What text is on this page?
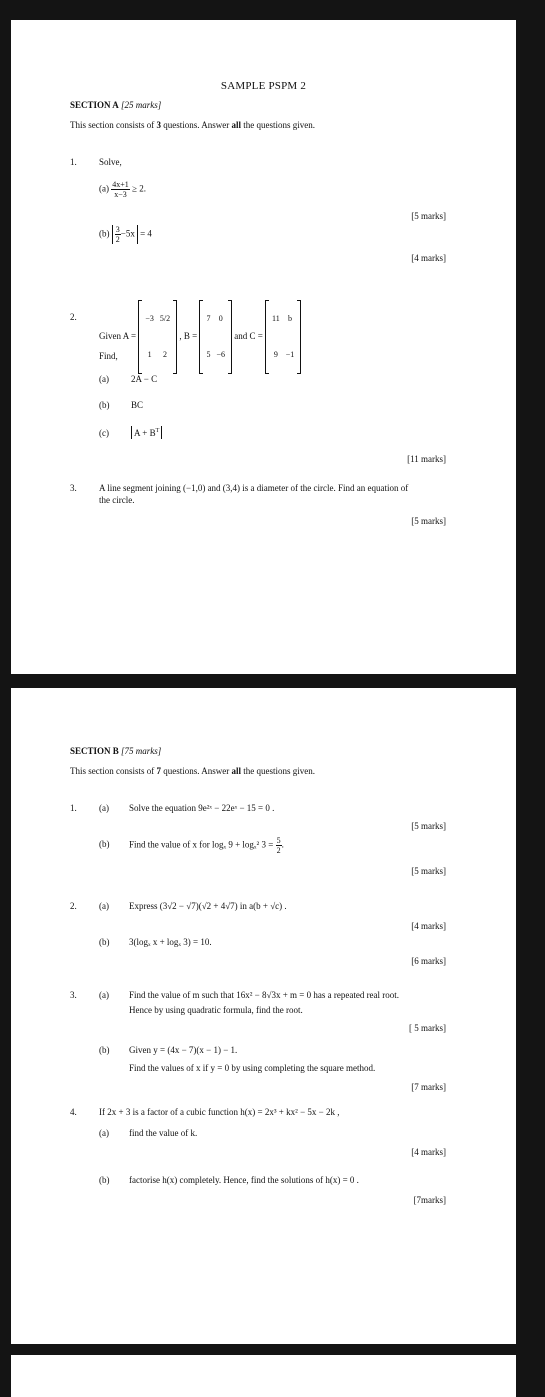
SAMPLE PSPM 2
SECTION A [25 marks]
This section consists of 3 questions. Answer all the questions given.
1. Solve,
$(a) \frac{4x+1}{x-3} \ge 2$.
[5 marks]
$(b) \frac{3}{2} -5x = 4$
[4 marks]
2.
Given A =
−3	5/2
1	2
, B =
7	0
5	−6
and C =
11	b
9	−1
Find,
(a) 2A − C
(b) BC
(c)	$A + B^T$
[11 marks]
3. A line segment joining (−1,0) and (3,4) is a diameter of the circle. Find an equation of
the circle.
[5 marks]
SECTION B [75 marks]
This section consists of 7 questions. Answer all the questions given.
1. (a) Solve the equation 9e²ˣ − 22eˣ − 15 = 0 .
[5 marks]
(b) Find the value of x for logₓ 9 + logₓ² $3 = \frac{5}{2}$ .
[5 marks]
2. (a) Express (3√2 − √7)(√2 + 4√7) in a(b + √c) .
[4 marks]
(b) 3(logₓ x + logₓ 3) = 10.
[6 marks]
3. (a) Find the value of m such that 16x² − 8√3x + m = 0 has a repeated real root.
Hence by using quadratic formula, find the root.
[ 5 marks]
(b) Given y = (4x − 7)(x − 1) − 1.
Find the values of x if y = 0 by using completing the square method.
[7 marks]
4. If 2x + 3 is a factor of a cubic function h(x) = 2x³ + kx² − 5x − 2k ,
(a) find the value of k.
[4 marks]
(b) factorise h(x) completely. Hence, find the solutions of h(x) = 0 .
[7marks]
